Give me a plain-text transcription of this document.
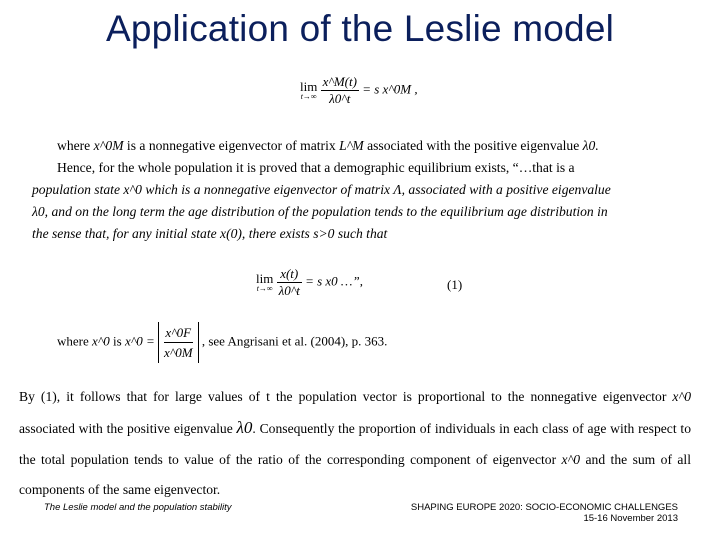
Application of the Leslie model
lim
t→∞
$\frac{x\^{}M(t)}{\lambda 0\^{}t} = s$ x^0M ,
where x^0M is a nonnegative eigenvector of matrix L^M associated with the positive eigenvalue λ0.
Hence, for the whole population it is proved that a demographic equilibrium exists, “…that is a
population state x^0 which is a nonnegative eigenvector of matrix Λ, associated with a positive eigenvalue
λ0, and on the long term the age distribution of the population tends to the equilibrium age distribution in
the sense that, for any initial state x(0), there exists s>0 such that
lim
t→∞
$\frac{x(t)}{\lambda 0\^{}t} = s$ x0 …”,	(1)
where x^0 is x^0 = $\frac{x\^{}0F}{x\^{}0M}$ , see Angrisani et al. (2004), p. 363.
By (1), it follows that for large values of t the population vector is proportional to the nonnegative eigenvector x^0 associated with the positive eigenvalue λ0. Consequently the proportion of individuals in each class of age with respect to the total population tends to value of the ratio of the corresponding component of eigenvector x^0 and the sum of all components of the same eigenvector.
The Leslie model and the population stability	SHAPING EUROPE 2020: SOCIO-ECONOMIC CHALLENGES
15-16 November 2013
